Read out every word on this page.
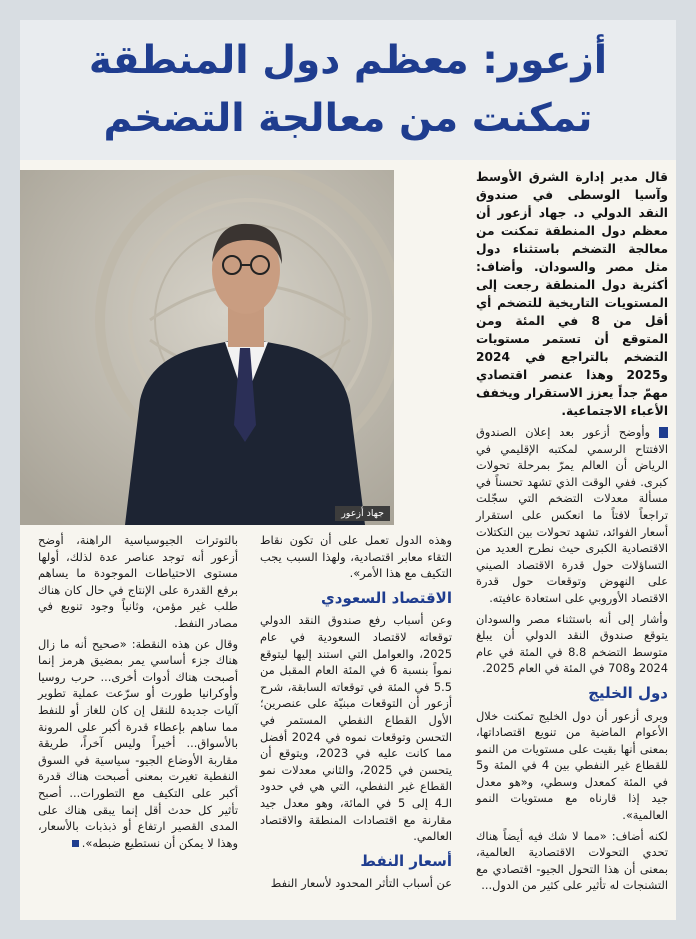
أزعور: معظم دول المنطقة
تمكنت من معالجة التضخم
جهاد أزعور

قال مدير إدارة الشرق الأوسط وآسيا الوسطى في صندوق النقد الدولي د. جهاد أزعور أن معظم دول المنطقة تمكنت من معالجة التضخم باستثناء دول مثل مصر والسودان. وأضاف: أكثرية دول المنطقة رجعت إلى المستويات التاريخية للتضخم أي أقل من 8 في المئة ومن المتوقع أن تستمر مستويات التضخم بالتراجع في 2024 و2025 وهذا عنصر اقتصادي مهمّ جداً يعزز الاستقرار ويخفف الأعباء الاجتماعية.

وأوضح أزعور بعد إعلان الصندوق الافتتاح الرسمي لمكتبه الإقليمي في الرياض أن العالم يمرّ بمرحلة تحولات كبرى. ففي الوقت الذي تشهد تحسناً في مسألة معدلات التضخم التي سجّلت تراجعاً لافتاً ما انعكس على استقرار أسعار الفوائد، تشهد تحولات بين التكتلات الاقتصادية الكبرى حيث نطرح العديد من التساؤلات حول قدرة الاقتصاد الصيني على النهوض وتوقعات حول قدرة الاقتصاد الأوروبي على استعادة عافيته.

وأشار إلى أنه باستثناء مصر والسودان يتوقع صندوق النقد الدولي أن يبلغ متوسط التضخم 8.8 في المئة في عام 2024 و708 في المئة في العام 2025.

دول الخليج

ويرى أزعور أن دول الخليج تمكنت خلال الأعوام الماضية من تنويع اقتصاداتها، بمعنى أنها بقيت على مستويات من النمو للقطاع غير النفطي بين 4 في المئة و5 في المئة كمعدل وسطي، و«هو معدل جيد إذا قارناه مع مستويات النمو العالمية».

لكنه أضاف: «مما لا شك فيه أيضاً هناك تحدي التحولات الاقتصادية العالمية، بمعنى أن هذا التحول الجيو- اقتصادي مع التشنجات له تأثير على كثير من الدول...

وهذه الدول تعمل على أن تكون نقاط التقاء معابر اقتصادية، ولهذا السبب يجب التكيف مع هذا الأمر».

الاقتصاد السعودي

وعن أسباب رفع صندوق النقد الدولي توقعاته لاقتصاد السعودية في عام 2025، والعوامل التي استند إليها ليتوقع نمواً بنسبة 6 في المئة العام المقبل من 5.5 في المئة في توقعاته السابقة، شرح أزعور أن التوقعات مبنيّة على عنصرين؛ الأول القطاع النفطي المستمر في التحسن وتوقعات نموه في 2024 أفضل مما كانت عليه في 2023، ويتوقع أن يتحسن في 2025، والثاني معدلات نمو القطاع غير النفطي، التي هي في حدود الـ4 إلى 5 في المائة، وهو معدل جيد مقارنة مع اقتصادات المنطقة والاقتصاد العالمي.

أسعار النفط

عن أسباب التأثر المحدود لأسعار النفط

بالتوترات الجيوسياسية الراهنة، أوضح أزعور أنه توجد عناصر عدة لذلك، أولها مستوى الاحتياطات الموجودة ما يساهم برفع القدرة على الإنتاج في حال كان هناك طلب غير مؤمن، وثانياً وجود تنويع في مصادر النفط.

وقال عن هذه النقطة: «صحيح أنه ما زال هناك جزء أساسي يمر بمضيق هرمز إنما أصبحت هناك أدوات أخرى... حرب روسيا وأوكرانيا طورت أو سرّعت عملية تطوير آليات جديدة للنقل إن كان للغاز أو للنفط مما ساهم بإعطاء قدرة أكبر على المرونة بالأسواق... أخيراً وليس آخراً، طريقة مقاربة الأوضاع الجيو- سياسية في السوق النفطية تغيرت بمعنى أصبحت هناك قدرة أكبر على التكيف مع التطورات... أصبح تأثير كل حدث أقل إنما يبقى هناك على المدى القصير ارتفاع أو ذبذبات بالأسعار، وهذا لا يمكن أن نستطيع ضبطه».
